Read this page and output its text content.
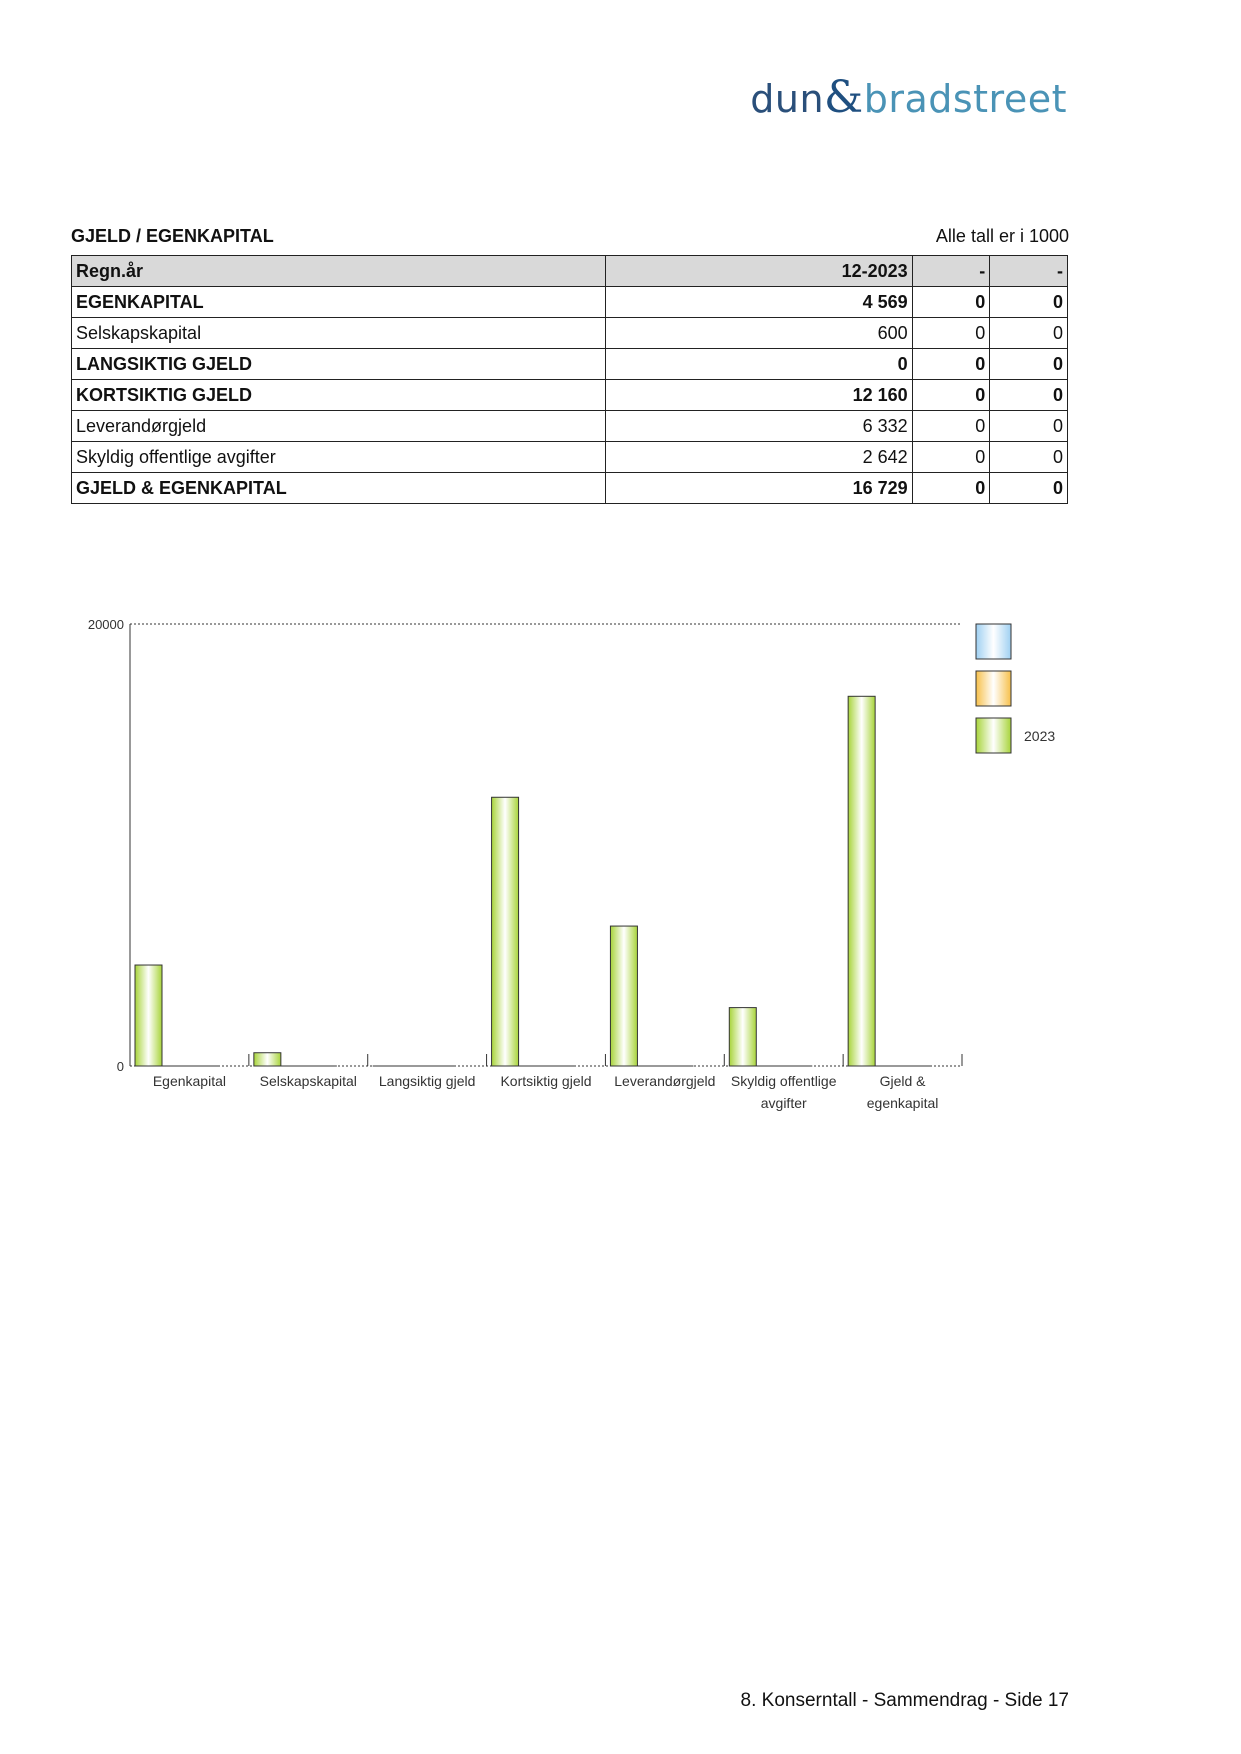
dun&bradstreet
GJELD / EGENKAPITAL	Alle tall er i 1000
Regn.år	12-2023	-	-
EGENKAPITAL	4 569	0	0
Selskapskapital	600	0	0
LANGSIKTIG GJELD	0	0	0
KORTSIKTIG GJELD	12 160	0	0
Leverandørgjeld	6 332	0	0
Skyldig offentlige avgifter	2 642	0	0
GJELD & EGENKAPITAL	16 729	0	0
0
20000
Egenkapital Selskapskapital Langsiktig gjeld Kortsiktig gjeld Leverandørgjeld Skyldig offentlige
avgifter
Gjeld &
egenkapital
2023
8. Konserntall - Sammendrag - Side 17
